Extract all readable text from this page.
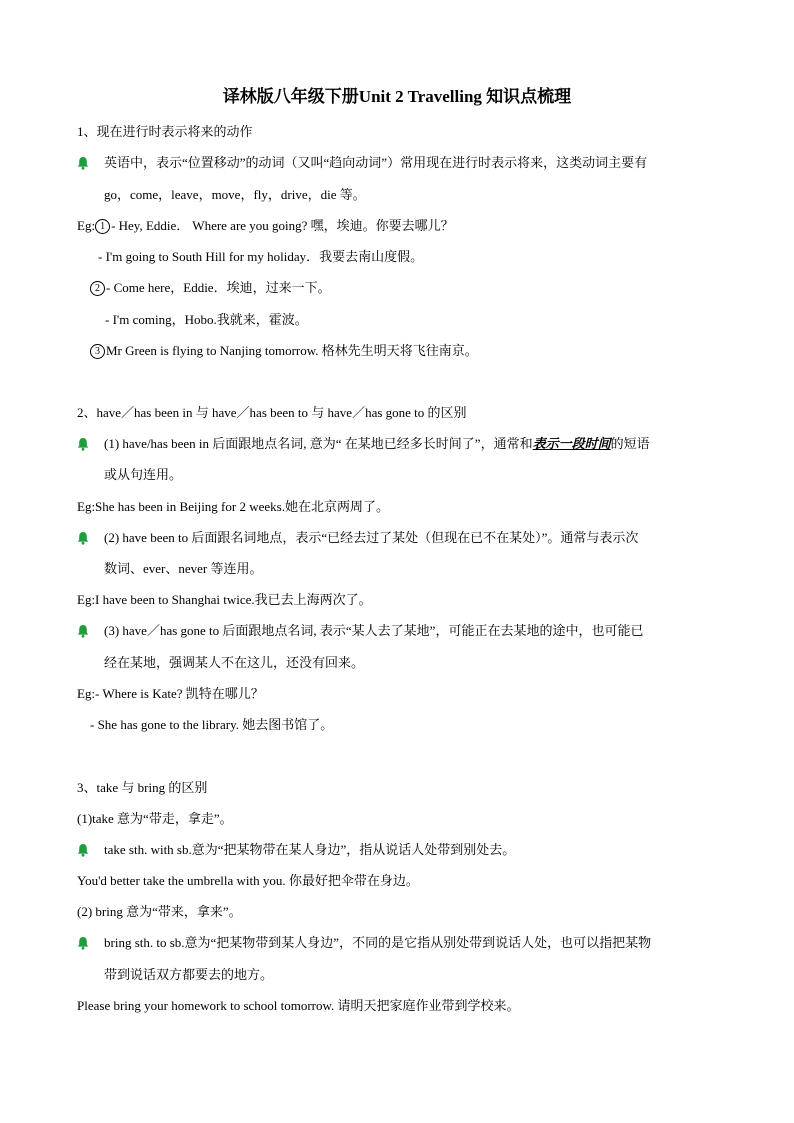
译林版八年级下册Unit 2 Travelling 知识点梳理
1、现在进行时表示将来的动作
英语中，表示“位置移动”的动词（又叫“趋向动词”）常用现在进行时表示将来，这类动词主要有
go，come，leave，move，fly，drive，die 等。
Eg: 1 - Hey, Eddie． Where are you going? 嘿，埃迪。你要去哪儿？
- I'm going to South Hill for my holiday．我要去南山度假。
2 - Come here，Eddie．埃迪，过来一下。
- I'm coming，Hobo.我就来，霍波。
3 Mr Green is flying to Nanjing tomorrow. 格林先生明天将飞往南京。
2、have／has been in 与 have／has been to 与 have／has gone to 的区别
(1) have/has been in 后面跟地点名词, 意为“ 在某地已经多长时间了”，通常和表示一段时间的短语
或从句连用。
Eg:She has been in Beijing for 2 weeks.她在北京两周了。
(2) have been to 后面跟名词地点，表示“已经去过了某处（但现在已不在某处）”。通常与表示次
数词、ever、never 等连用。
Eg:I have been to Shanghai twice.我已去上海两次了。
(3) have／has gone to 后面跟地点名词, 表示“某人去了某地”，可能正在去某地的途中，也可能已
经在某地，强调某人不在这儿，还没有回来。
Eg:- Where is Kate? 凯特在哪儿？
- She has gone to the library. 她去图书馆了。
3、take 与 bring 的区别
(1)take 意为“带走，拿走”。
take sth. with sb.意为“把某物带在某人身边”，指从说话人处带到别处去。
You'd better take the umbrella with you. 你最好把伞带在身边。
(2) bring 意为“带来，拿来”。
bring sth. to sb.意为“把某物带到某人身边”，不同的是它指从别处带到说话人处，也可以指把某物
带到说话双方都要去的地方。
Please bring your homework to school tomorrow. 请明天把家庭作业带到学校来。
